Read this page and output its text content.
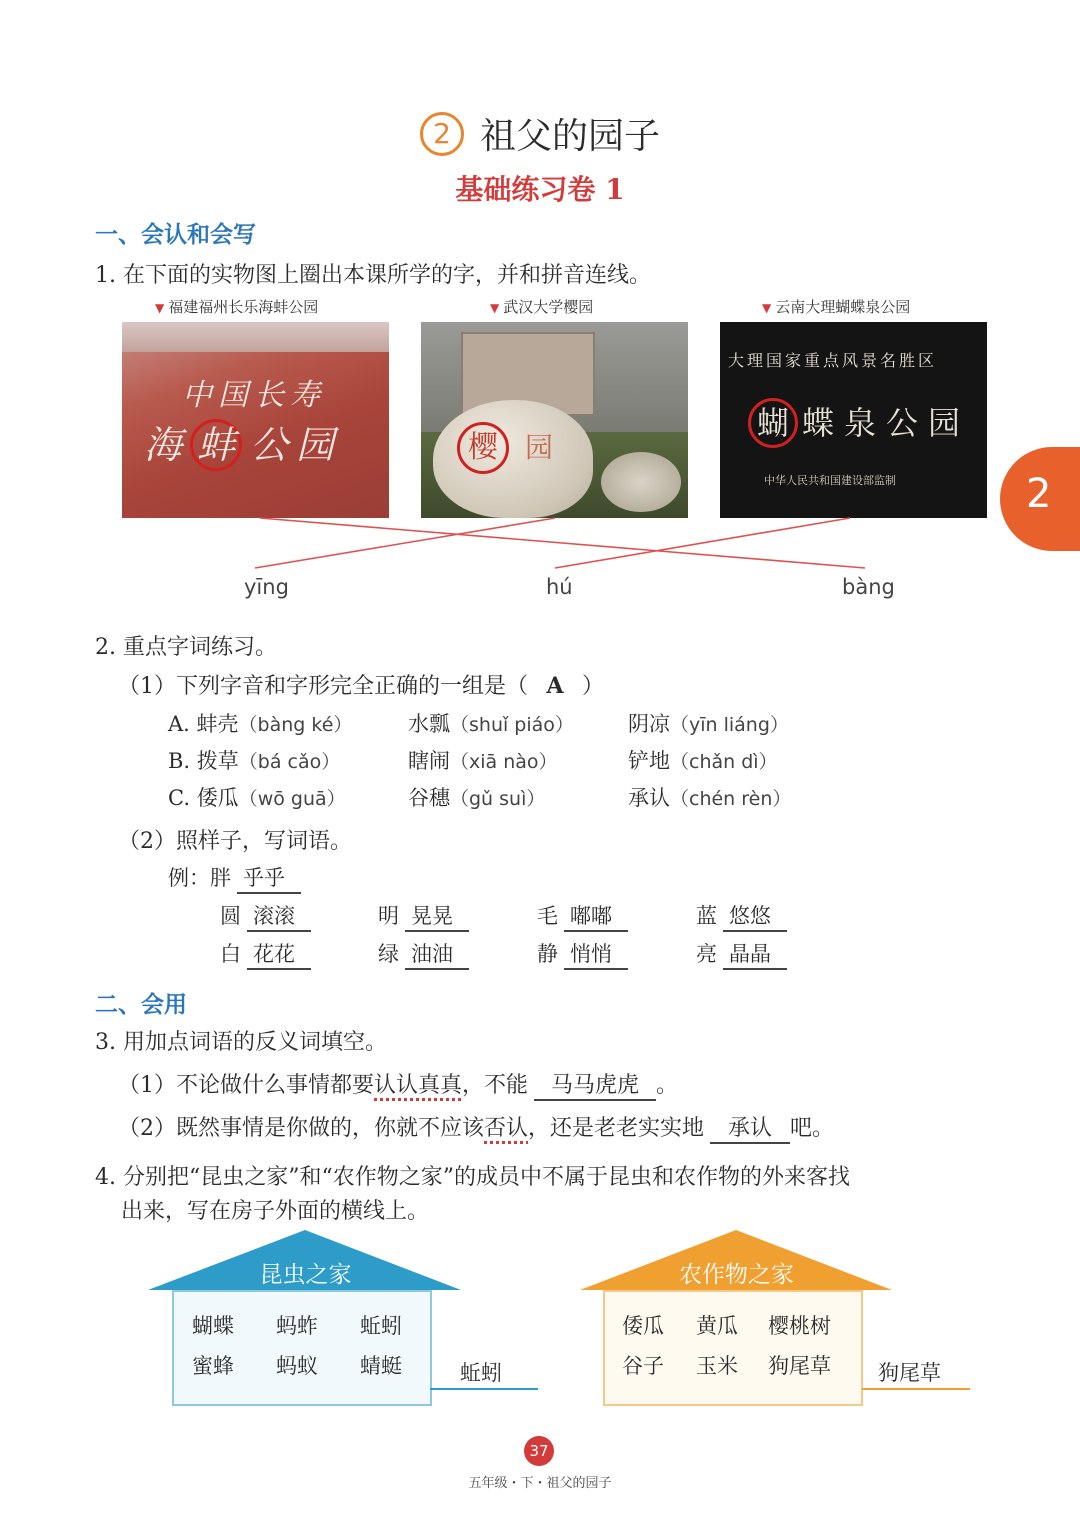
2 祖父的园子
基础练习卷 1
2
一、会认和会写
1. 在下面的实物图上圈出本课所学的字，并和拼音连线。
▼ 福建福州长乐海蚌公园	▼ 武汉大学樱园	▼ 云南大理蝴蝶泉公园
中国长寿
海 蚌 公 园	樱 园
大理国家重点风景名胜区
蝴 蝶泉公园
中华人民共和国建设部监制
yīng	hú	bàng
2. 重点字词练习。
（1）下列字音和字形完全正确的一组是（ A ）
A. 蚌壳（bàng ké）	水瓢（shuǐ piáo）	阴凉（yīn liáng）
B. 拨草（bá cǎo）	瞎闹（xiā nào）	铲地（chǎn dì）
C. 倭瓜（wō guā）	谷穗（gǔ suì）	承认（chén rèn）
（2）照样子，写词语。
例：胖 乎乎
圆 滚滚	明 晃晃	毛 嘟嘟	蓝 悠悠
白 花花	绿 油油	静 悄悄	亮 晶晶
二、会用
3. 用加点词语的反义词填空。
（1）不论做什么事情都要认认真真，不能 马马虎虎 。
（2）既然事情是你做的，你就不应该否认，还是老老实实地 承认 吧。
4. 分别把“昆虫之家”和“农作物之家”的成员中不属于昆虫和农作物的外来客找
出来，写在房子外面的横线上。
昆虫之家
蝴蝶 蚂蚱 蚯蚓
蜜蜂 蚂蚁 蜻蜓	蚯蚓
农作物之家
倭瓜 黄瓜 樱桃树
谷子 玉米 狗尾草 狗尾草
37
五年级・下・祖父的园子
